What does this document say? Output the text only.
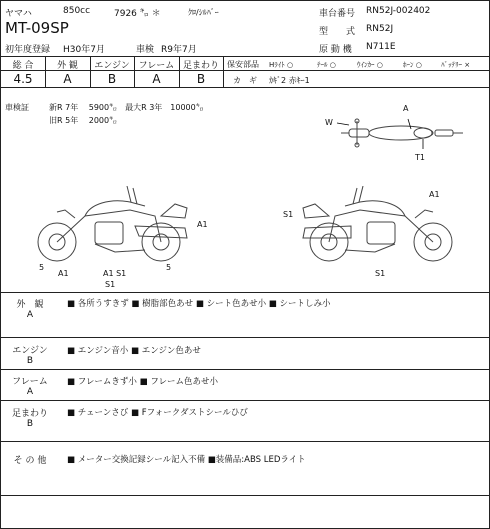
ヤマハ	850cc	7926 ㌔ ＊	ｸﾛ/ｼﾙﾊﾞｰ	車台番号 RN52J-002402
MT-09SP	型　　式 RN52J
初年度登録 H30年7月	車検 R9年7月	原 動 機 N711E
総 合	外 観	エンジン フレーム 足まわり
4.5	A	B	A	B
保安部品 Hﾗｲﾄ ○	ﾃｰﾙ ○	ｳｲﾝｶｰ ○	ﾎｰﾝ ○	ﾊﾞｯﾃﾘｰ ×
カ　ギ ｶｷﾞ2 赤ｷｰ1
車検証	新R 7年　 5900㌔　最大R 3年　10000㌔
旧R 5年　 2000㌔
A
W
T1
A1
5
A1	A1 S1
S1
5
A1
S1
S1
外　観
A
■ 各所うすきず ■ 樹脂部色あせ ■ シート色あせ小 ■ シートしみ小
エンジン
B
■ エンジン音小 ■ エンジン色あせ
フレーム
A
■ フレームきず小 ■ フレーム色あせ小
足まわり
B
■ チェーンさび ■ Fフォークダストシールひび
そ の 他	■ メーター交換記録シール記入不備 ■装備品:ABS LEDライト
